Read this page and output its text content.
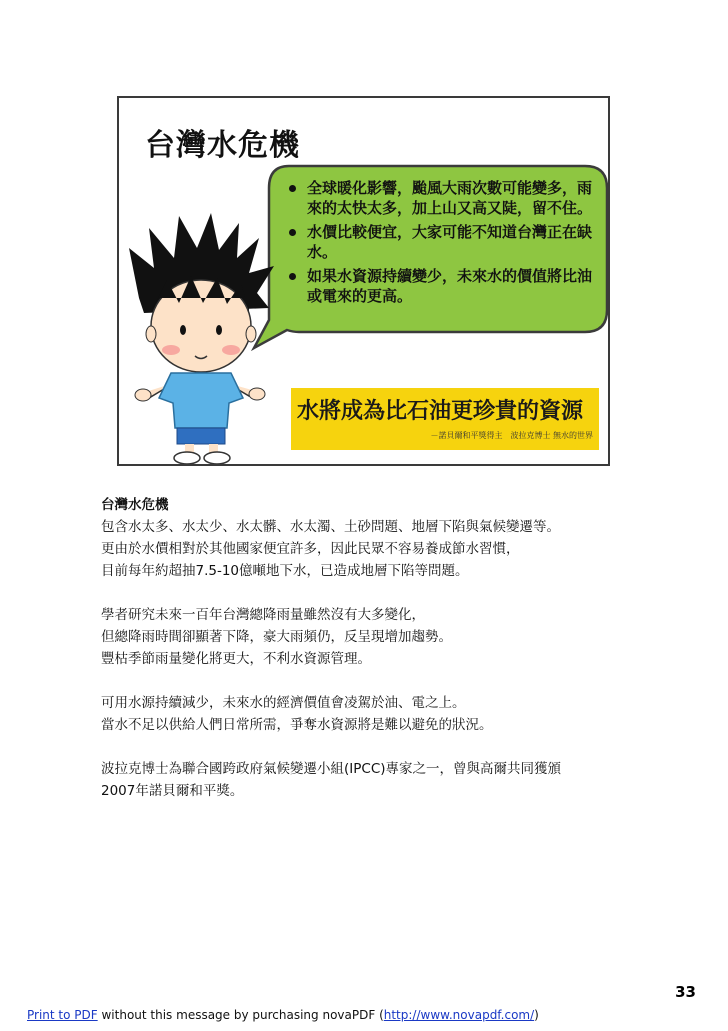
台灣水危機
全球暖化影響，颱風大雨次數可能變多，雨來的太快太多，加上山又高又陡，留不住。
水價比較便宜，大家可能不知道台灣正在缺水。
如果水資源持續變少，未來水的價值將比油或電來的更高。
水將成為比石油更珍貴的資源
－諾貝爾和平獎得主　波拉克博士 無水的世界
台灣水危機
包含水太多、水太少、水太髒、水太濁、土砂問題、地層下陷與氣候變遷等。
更由於水價相對於其他國家便宜許多，因此民眾不容易養成節水習慣，
目前每年約超抽7.5-10億噸地下水，已造成地層下陷等問題。
學者研究未來一百年台灣總降雨量雖然沒有大多變化，
但總降雨時間卻顯著下降，豪大雨頻仍，反呈現增加趨勢。
豐枯季節雨量變化將更大，不利水資源管理。
可用水源持續減少，未來水的經濟價值會凌駕於油、電之上。
當水不足以供給人們日常所需，爭奪水資源將是難以避免的狀況。
波拉克博士為聯合國跨政府氣候變遷小組(IPCC)專家之一，曾與高爾共同獲頒
2007年諾貝爾和平獎。
33
Print to PDF without this message by purchasing novaPDF (http://www.novapdf.com/)
